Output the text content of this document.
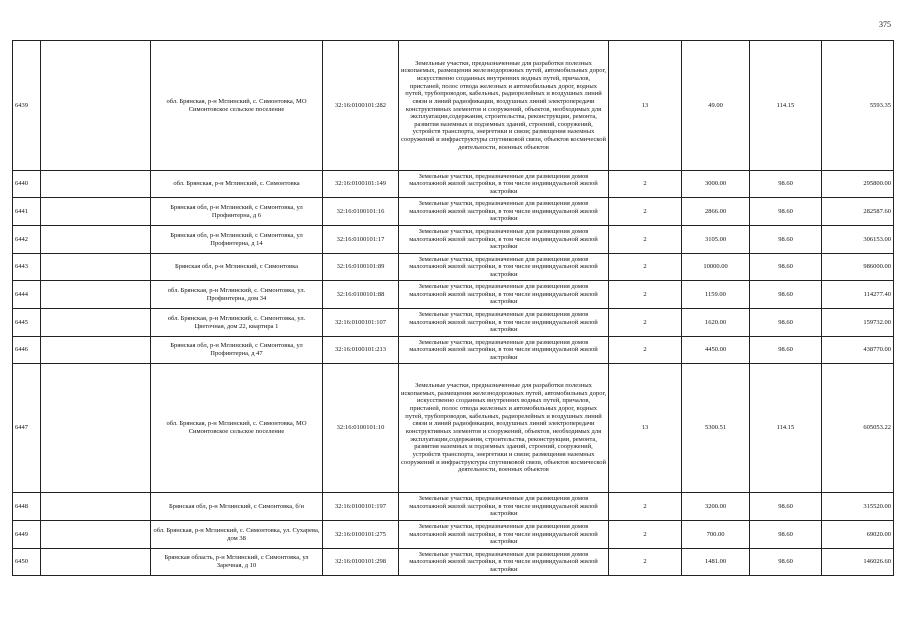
375
6439		обл. Брянская, р-н Мглинский, с. Симонтовка, МО Симонтовское сельское поселение	32:16:0100101:282	Земельные участки, предназначенные для разработки полезных ископаемых, размещения железнодорожных путей, автомобильных дорог, искусственно созданных внутренних водных путей, причалов, пристаней, полос отвода железных и автомобильных дорог, водных путей, трубопроводов, кабельных, радиорелейных и воздушных линий связи и линий радиофикации, воздушных линий электропередачи конструктивных элементов и сооружений, объектов, необходимых для эксплуатации,содержания, строительства, реконструкции, ремонта, развития наземных и подземных зданий, строений, сооружений, устройств транспорта, энергетики и связи; размещения наземных сооружений и инфраструктуры спутниковой связи, объектов космической деятельности, военных объектов	13	49.00	114.15	5593.35
6440		обл. Брянская, р-н Мглинский, с. Симонтовка	32:16:0100101:149	Земельные участки, предназначенные для размещения домов малоэтажной жилой застройки, в том числе индивидуальной жилой застройки	2	3000.00	98.60	295800.00
6441		Брянская обл, р-н Мглинский, с Симонтовка, ул Профинтерна, д 6	32:16:0100101:16	Земельные участки, предназначенные для размещения домов малоэтажной жилой застройки, в том числе индивидуальной жилой застройки	2	2866.00	98.60	282587.60
6442		Брянская обл, р-н Мглинский, с Симонтовка, ул Профинтерна, д 14	32:16:0100101:17	Земельные участки, предназначенные для размещения домов малоэтажной жилой застройки, в том числе индивидуальной жилой застройки	2	3105.00	98.60	306153.00
6443		Брянская обл, р-н Мглинский, с Симонтовка	32:16:0100101:89	Земельные участки, предназначенные для размещения домов малоэтажной жилой застройки, в том числе индивидуальной жилой застройки	2	10000.00	98.60	986000.00
6444		обл. Брянская, р-н Мглинский, с. Симонтовка, ул. Профинтерна, дом 34	32:16:0100101:88	Земельные участки, предназначенные для размещения домов малоэтажной жилой застройки, в том числе индивидуальной жилой застройки	2	1159.00	98.60	114277.40
6445		обл. Брянская, р-н Мглинский, с. Симонтовка, ул. Цветочная, дом 22, квартира 1	32:16:0100101:107	Земельные участки, предназначенные для размещения домов малоэтажной жилой застройки, в том числе индивидуальной жилой застройки	2	1620.00	98.60	159732.00
6446		Брянская обл, р-н Мглинский, с Симонтовка, ул Профинтерна, д 47	32:16:0100101:213	Земельные участки, предназначенные для размещения домов малоэтажной жилой застройки, в том числе индивидуальной жилой застройки	2	4450.00	98.60	438770.00
6447		обл. Брянская, р-н Мглинский, с. Симонтовка, МО Симонтовское сельское поселение	32:16:0100101:10	Земельные участки, предназначенные для разработки полезных ископаемых, размещения железнодорожных путей, автомобильных дорог, искусственно созданных внутренних водных путей, причалов, пристаней, полос отвода железных и автомобильных дорог, водных путей, трубопроводов, кабельных, радиорелейных и воздушных линий связи и линий радиофикации, воздушных линий электропередачи конструктивных элементов и сооружений, объектов, необходимых для эксплуатации,содержания, строительства, реконструкции, ремонта, развития наземных и подземных зданий, строений, сооружений, устройств транспорта, энергетики и связи; размещения наземных сооружений и инфраструктуры спутниковой связи, объектов космической деятельности, военных объектов	13	5300.51	114.15	605053.22
6448		Брянская обл, р-н Мглинский, с Симонтовка, б/н	32:16:0100101:197	Земельные участки, предназначенные для размещения домов малоэтажной жилой застройки, в том числе индивидуальной жилой застройки	2	3200.00	98.60	315520.00
6449		обл. Брянская, р-н Мглинский, с. Симонтовка, ул. Сухарева, дом 38	32:16:0100101:275	Земельные участки, предназначенные для размещения домов малоэтажной жилой застройки, в том числе индивидуальной жилой застройки	2	700.00	98.60	69020.00
6450		Брянская область, р-н Мглинский, с Симонтовка, ул Заречная, д 10	32:16:0100101:298	Земельные участки, предназначенные для размещения домов малоэтажной жилой застройки, в том числе индивидуальной жилой застройки	2	1481.00	98.60	146026.60
